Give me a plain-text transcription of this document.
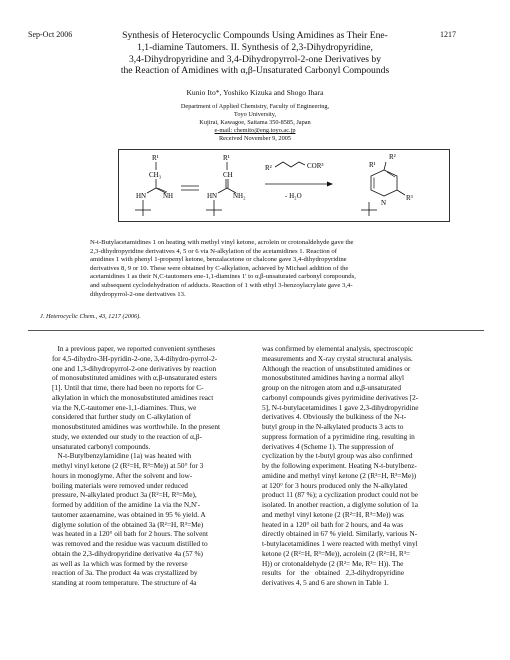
Sep-Oct 2006	1217
Synthesis of Heterocyclic Compounds Using Amidines as Their Ene-
1,1-diamine Tautomers. II. Synthesis of 2,3-Dihydropyridine,
3,4-Dihydropyridine and 3,4-Dihydropyrrol-2-one Derivatives by
the Reaction of Amidines with α,β-Unsaturated Carbonyl Compounds
Kunio Ito*, Yoshiko Kizuka and Shogo Ihara
Department of Applied Chemistry, Faculty of Engineering,
Toyo University,
Kujirai, Kawagoe, Saitama 350-8585, Japan
e-mail: chemito@eng.toyo.ac.jp
Received November 9, 2005
R¹
CH₃
HN NH
R¹
CH
HN NH₂
R²	COR³
- H₂O
R²
R¹
R³
N
N-t-Butylacetamidines 1 on heating with methyl vinyl ketone, acrolein or crotonaldehyde gave the
2,3-dihydropyridine derivatives 4, 5 or 6 via N-alkylation of the acetamidines 1. Reaction of
amidines 1 with phenyl 1-propenyl ketone, benzalacetone or chalcone gave 3,4-dihydropyridine
derivatives 8, 9 or 10. These were obtained by C-alkylation, achieved by Michael addition of the
acetamidines 1 as their N,C-tautomers ene-1,1-diamines 1' to α,β-unsaturated carbonyl compounds,
and subsequent cyclodehydration of adducts. Reaction of 1 with ethyl 3-benzoylacrylate gave 3,4-
dihydropyrrol-2-one derivatives 13.
J. Heterocyclic Chem., 43, 1217 (2006).
In a previous paper, we reported convenient syntheses
for 4,5-dihydro-3H-pyridin-2-one, 3,4-dihydro-pyrrol-2-
one and 1,3-dihydropyrrol-2-one derivatives by reaction
of monosubstituted amidines with α,β-unsaturated esters
[1]. Until that time, there had been no reports for C-
alkylation in which the monosubstituted amidines react
via the N,C-tautomer ene-1,1-diamines. Thus, we
considered that further study on C-alkylation of
monosubstituted amidines was worthwhile. In the present
study, we extended our study to the reaction of α,β-
unsaturated carbonyl compounds.
N-t-Butylbenzylamidine (1a) was heated with
methyl vinyl ketone (2 (R²=H, R³=Me)) at 50° for 3
hours in monoglyme. After the solvent and low-
boiling materials were removed under reduced
pressure, N-alkylated product 3a (R²=H, R³=Me),
formed by addition of the amidine 1a via the N,N'-
tautomer azaenamine, was obtained in 95 % yield. A
diglyme solution of the obtained 3a (R²=H, R³=Me)
was heated in a 120° oil bath for 2 hours. The solvent
was removed and the residue was vacuum distilled to
obtain the 2,3-dihydropyridine derivative 4a (57 %)
as well as 1a which was formed by the reverse
reaction of 3a. The product 4a was crystallized by
standing at room temperature. The structure of 4a
was confirmed by elemental analysis, spectroscopic
measurements and X-ray crystal structural analysis.
Although the reaction of unsubstituted amidines or
monosubstituted amidines having a normal alkyl
group on the nitrogen atom and α,β-unsaturated
carbonyl compounds gives pyrimidine derivatives [2-
5], N-t-butylacetamidines 1 gave 2,3-dihydropyridine
derivatives 4. Obviously the bulkiness of the N-t-
butyl group in the N-alkylated products 3 acts to
suppress formation of a pyrimidine ring, resulting in
derivatives 4 (Scheme 1). The suppression of
cyclization by the t-butyl group was also confirmed
by the following experiment. Heating N-t-butylbenz-
amidine and methyl vinyl ketone (2 (R²=H, R³=Me))
at 120° for 3 hours produced only the N-alkylated
product 11 (87 %); a cyclization product could not be
isolated. In another reaction, a diglyme solution of 1a
and methyl vinyl ketone (2 (R²=H, R³=Me)) was
heated in a 120° oil bath for 2 hours, and 4a was
directly obtained in 67 % yield. Similarly, various N-
t-butylacetamidines 1 were reacted with methyl vinyl
ketone (2 (R²=H, R³=Me)), acrolein (2 (R²=H, R³=
H)) or crotonaldehyde (2 (R²= Me, R³= H)). The
results   for   the   obtained   2,3-dihydropyridine
derivatives 4, 5 and 6 are shown in Table 1.
